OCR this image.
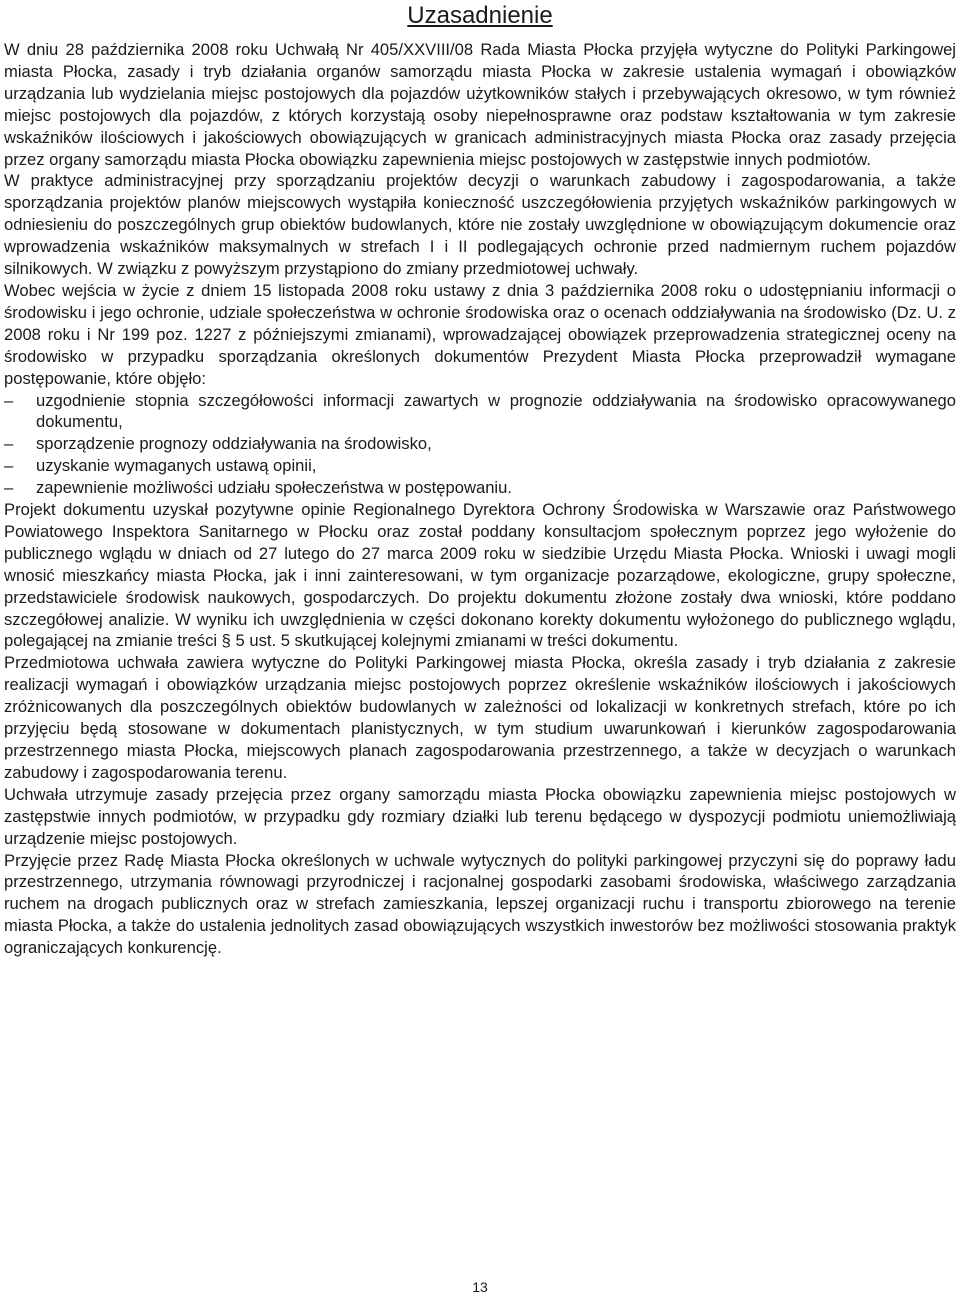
Uzasadnienie

W dniu 28 października 2008 roku Uchwałą Nr 405/XXVIII/08 Rada Miasta Płocka przyjęła wytyczne do Polityki Parkingowej miasta Płocka, zasady i tryb działania organów samorządu miasta Płocka w zakresie ustalenia wymagań i obowiązków urządzania lub wydzielania miejsc postojowych dla pojazdów użytkowników stałych i przebywających okresowo, w tym również miejsc postojowych dla pojazdów, z których korzystają osoby niepełnosprawne oraz podstaw kształtowania w tym zakresie wskaźników ilościowych i jakościowych obowiązujących w granicach administracyjnych miasta Płocka oraz zasady przejęcia przez organy samorządu miasta Płocka obowiązku zapewnienia miejsc postojowych w zastępstwie innych podmiotów.

W praktyce administracyjnej przy sporządzaniu projektów decyzji o warunkach zabudowy i zagospodarowania, a także sporządzania projektów planów miejscowych wystąpiła konieczność uszczegółowienia przyjętych wskaźników parkingowych w odniesieniu do poszczególnych grup obiektów budowlanych, które nie zostały uwzględnione w obowiązującym dokumencie oraz wprowadzenia wskaźników maksymalnych w strefach I i II podlegających ochronie przed nadmiernym ruchem pojazdów silnikowych. W związku z powyższym przystąpiono do zmiany przedmiotowej uchwały.

Wobec wejścia w życie z dniem 15 listopada 2008 roku ustawy z dnia 3 października 2008 roku o udostępnianiu informacji o środowisku i jego ochronie, udziale społeczeństwa w ochronie środowiska oraz o ocenach oddziaływania na środowisko (Dz. U. z 2008 roku i Nr 199 poz. 1227 z późniejszymi zmianami), wprowadzającej obowiązek przeprowadzenia strategicznej oceny na środowisko w przypadku sporządzania określonych dokumentów Prezydent Miasta Płocka przeprowadził wymagane postępowanie, które objęło:

–	uzgodnienie stopnia szczegółowości informacji zawartych w prognozie oddziaływania na środowisko opracowywanego dokumentu,
–	sporządzenie prognozy oddziaływania na środowisko,
–	uzyskanie wymaganych ustawą opinii,
–	zapewnienie możliwości udziału społeczeństwa w postępowaniu.

Projekt dokumentu uzyskał pozytywne opinie Regionalnego Dyrektora Ochrony Środowiska w Warszawie oraz Państwowego Powiatowego Inspektora Sanitarnego w Płocku oraz został poddany konsultacjom społecznym poprzez jego wyłożenie do publicznego wglądu w dniach od 27 lutego do 27 marca 2009 roku w siedzibie Urzędu Miasta Płocka. Wnioski i uwagi mogli wnosić mieszkańcy miasta Płocka, jak i inni zainteresowani, w tym organizacje pozarządowe, ekologiczne, grupy społeczne, przedstawiciele środowisk naukowych, gospodarczych. Do projektu dokumentu złożone zostały dwa wnioski, które poddano szczegółowej analizie. W wyniku ich uwzględnienia w części dokonano korekty dokumentu wyłożonego do publicznego wglądu, polegającej na zmianie treści § 5 ust. 5 skutkującej kolejnymi zmianami w treści dokumentu.

Przedmiotowa uchwała zawiera wytyczne do Polityki Parkingowej miasta Płocka, określa zasady i tryb działania z zakresie realizacji wymagań i obowiązków urządzania miejsc postojowych poprzez określenie wskaźników ilościowych i jakościowych zróżnicowanych dla poszczególnych obiektów budowlanych w zależności od lokalizacji w konkretnych strefach, które po ich przyjęciu będą stosowane w dokumentach planistycznych, w tym studium uwarunkowań i kierunków zagospodarowania przestrzennego miasta Płocka, miejscowych planach zagospodarowania przestrzennego, a także w decyzjach o warunkach zabudowy i zagospodarowania terenu.

Uchwała utrzymuje zasady przejęcia przez organy samorządu miasta Płocka obowiązku zapewnienia miejsc postojowych w zastępstwie innych podmiotów, w przypadku gdy rozmiary działki lub terenu będącego w dyspozycji podmiotu uniemożliwiają urządzenie miejsc postojowych.

Przyjęcie przez Radę Miasta Płocka określonych w uchwale wytycznych do polityki parkingowej przyczyni się do poprawy ładu przestrzennego, utrzymania równowagi przyrodniczej i racjonalnej gospodarki zasobami środowiska, właściwego zarządzania ruchem na drogach publicznych oraz w strefach zamieszkania, lepszej organizacji ruchu i transportu zbiorowego na terenie miasta Płocka, a także do ustalenia jednolitych zasad obowiązujących wszystkich inwestorów bez możliwości stosowania praktyk ograniczających konkurencję.

13
